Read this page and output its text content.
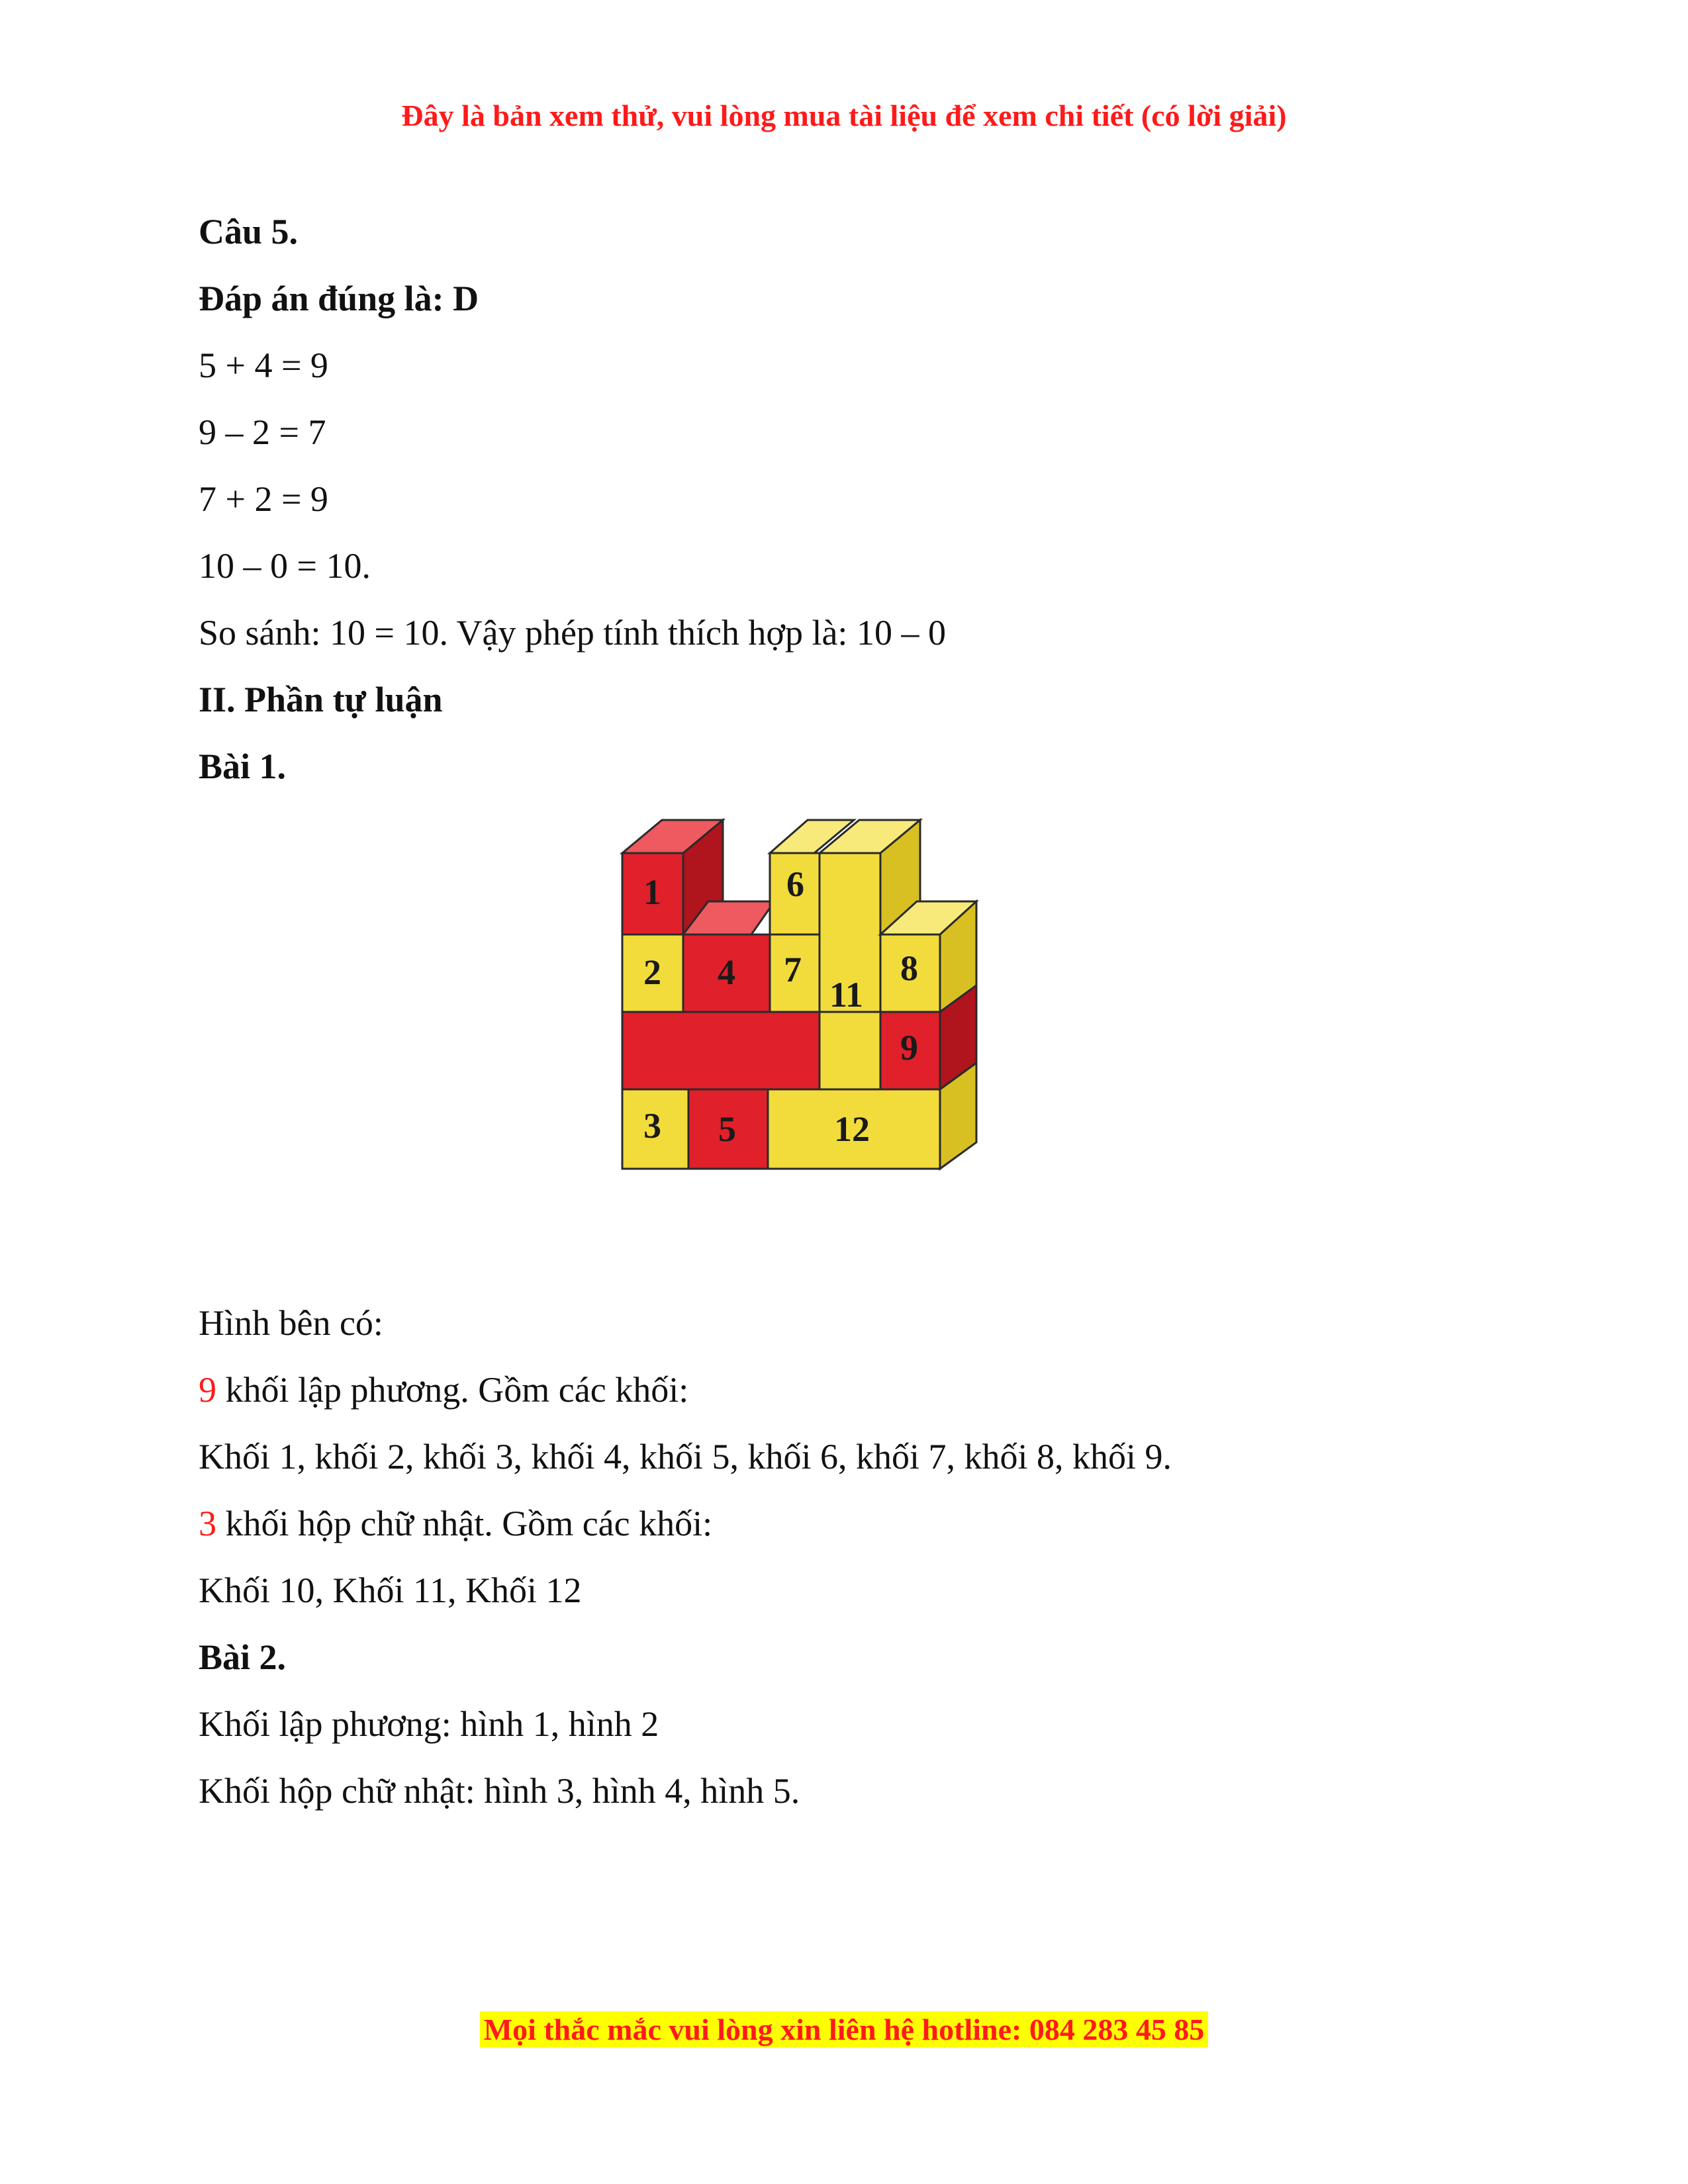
Đây là bản xem thử, vui lòng mua tài liệu để xem chi tiết (có lời giải)
Câu 5.
Đáp án đúng là: D
5 + 4 = 9
9 – 2 = 7
7 + 2 = 9
10 – 0 = 10.
So sánh: 10 = 10. Vậy phép tính thích hợp là: 10 – 0
II. Phần tự luận
Bài 1.
1
2
3
4
5
6
7	8
9
11
12
Hình bên có:
9 khối lập phương. Gồm các khối:
Khối 1, khối 2, khối 3, khối 4, khối 5, khối 6, khối 7, khối 8, khối 9.
3 khối hộp chữ nhật. Gồm các khối:
Khối 10, Khối 11, Khối 12
Bài 2.
Khối lập phương: hình 1, hình 2
Khối hộp chữ nhật: hình 3, hình 4, hình 5.
Mọi thắc mắc vui lòng xin liên hệ hotline: 084 283 45 85
